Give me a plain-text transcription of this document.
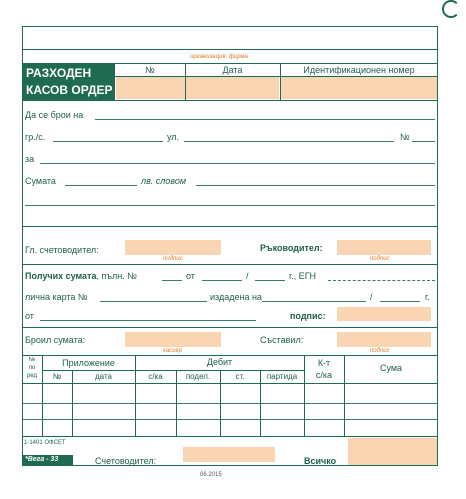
организация, фирма
РАЗХОДЕН
КАСОВ ОРДЕР
№	Дата	Идентификационен номер
Да се брои на
гр./с.	ул.	№
за
Сумата	лв. словом
Гл. счетоводител:
подпис
Ръководител:
подпис
Получих сумата, пълн. №	от	/	г., ЕГН
лична карта №	издадена на	/	г.
от	подпис:
Броил сумата:
касиер
Съставил:
подпис
№
по
ред
Приложение	Дебит	К-т
с/ка
Сума
№	дата	с/ка	подел.	ст.	партида
1-1401 ОФСЕТ
*Вега - 33	Счетоводител:	Всичко
06.2015
